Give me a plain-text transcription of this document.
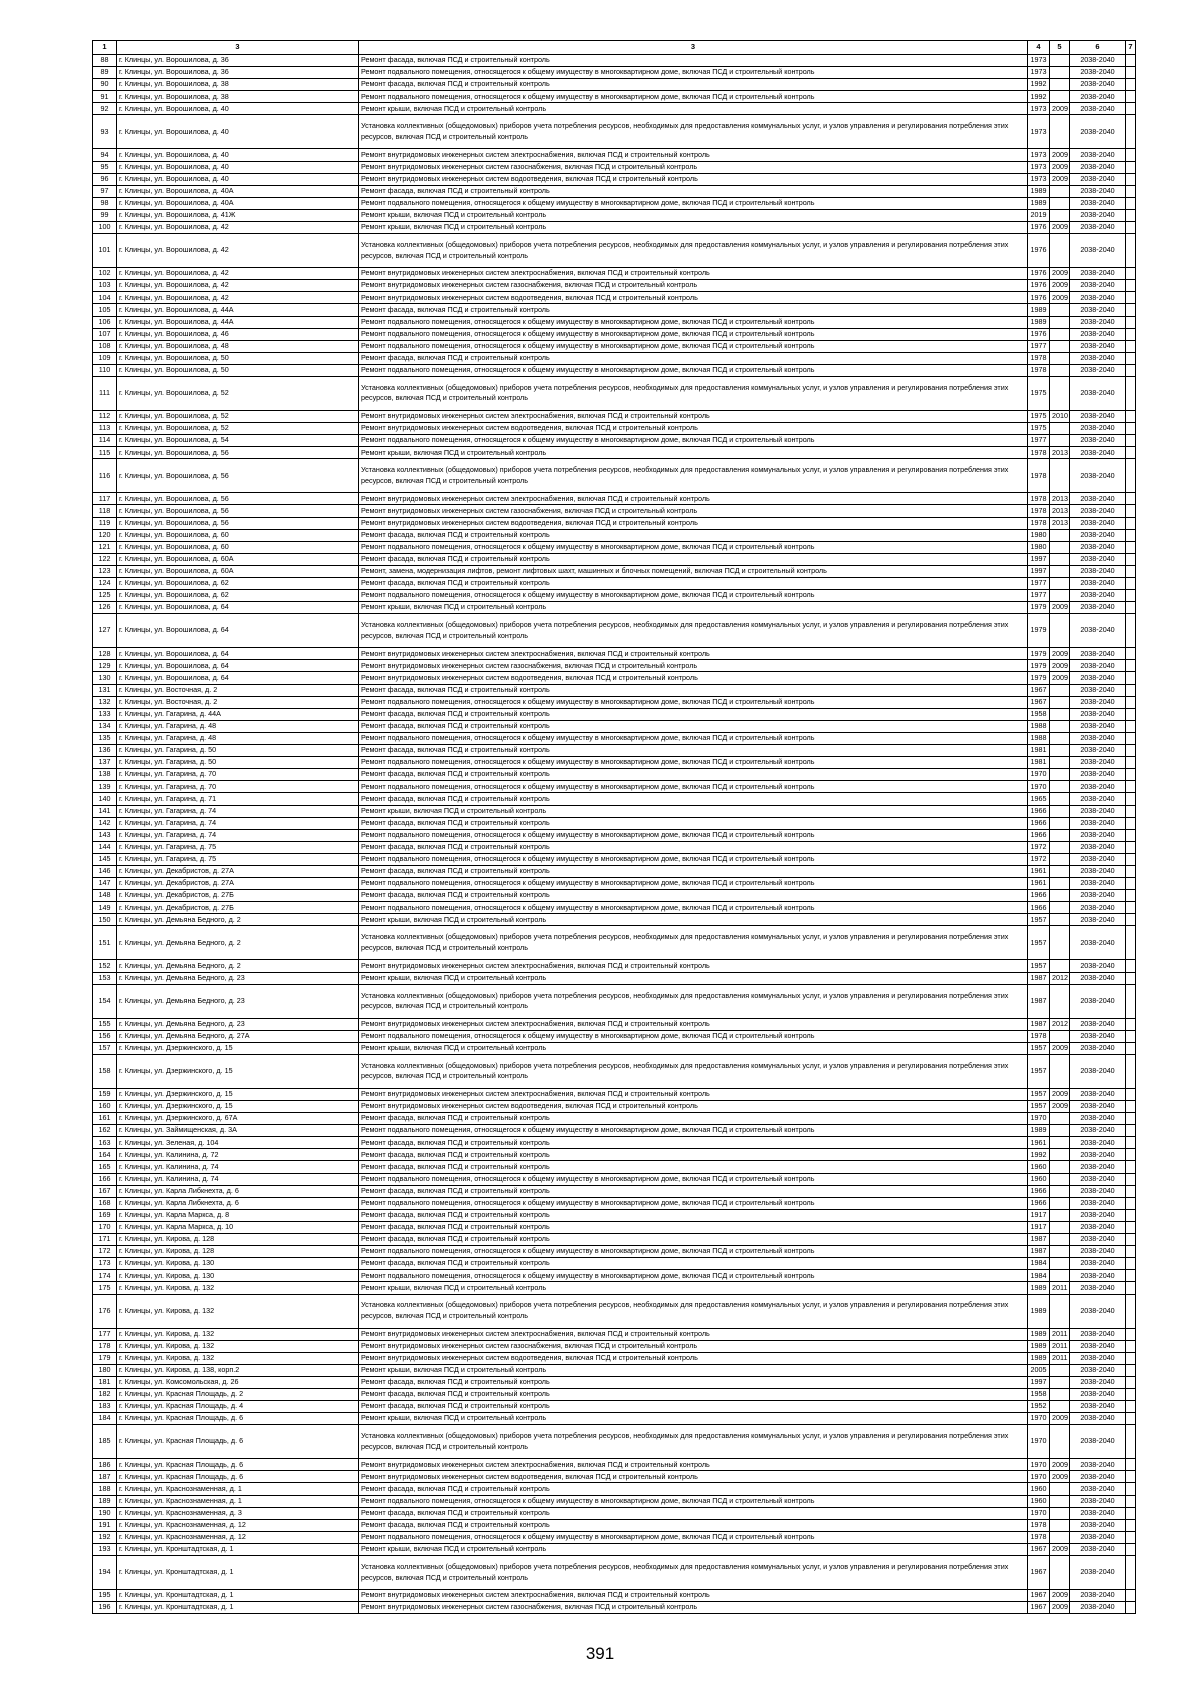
1	3	3	4	5	6	7
88	г. Клинцы, ул. Ворошилова, д. 36	Ремонт фасада, включая ПСД и строительный контроль	1973		2038-2040	
89	г. Клинцы, ул. Ворошилова, д. 36	Ремонт подвального помещения, относящегося к общему имуществу в многоквартирном доме, включая ПСД и строительный контроль	1973		2038-2040	
90	г. Клинцы, ул. Ворошилова, д. 38	Ремонт фасада, включая ПСД и строительный контроль	1992		2038-2040	
91	г. Клинцы, ул. Ворошилова, д. 38	Ремонт подвального помещения, относящегося к общему имуществу в многоквартирном доме, включая ПСД и строительный контроль	1992		2038-2040	
92	г. Клинцы, ул. Ворошилова, д. 40	Ремонт крыши, включая ПСД и строительный контроль	1973	2009	2038-2040	
93	г. Клинцы, ул. Ворошилова, д. 40	Установка коллективных (общедомовых) приборов учета потребления ресурсов, необходимых для предоставления коммунальных услуг, и узлов управления и регулирования потребления этих ресурсов, включая ПСД и строительный контроль	1973		2038-2040	
94	г. Клинцы, ул. Ворошилова, д. 40	Ремонт внутридомовых инженерных систем электроснабжения, включая ПСД и строительный контроль	1973	2009	2038-2040	
95	г. Клинцы, ул. Ворошилова, д. 40	Ремонт внутридомовых инженерных систем газоснабжения, включая ПСД и строительный контроль	1973	2009	2038-2040	
96	г. Клинцы, ул. Ворошилова, д. 40	Ремонт внутридомовых инженерных систем водоотведения, включая ПСД и строительный контроль	1973	2009	2038-2040	
97	г. Клинцы, ул. Ворошилова, д. 40А	Ремонт фасада, включая ПСД и строительный контроль	1989		2038-2040	
98	г. Клинцы, ул. Ворошилова, д. 40А	Ремонт подвального помещения, относящегося к общему имуществу в многоквартирном доме, включая ПСД и строительный контроль	1989		2038-2040	
99	г. Клинцы, ул. Ворошилова, д. 41Ж	Ремонт крыши, включая ПСД и строительный контроль	2019		2038-2040	
100	г. Клинцы, ул. Ворошилова, д. 42	Ремонт крыши, включая ПСД и строительный контроль	1976	2009	2038-2040	
101	г. Клинцы, ул. Ворошилова, д. 42	Установка коллективных (общедомовых) приборов учета потребления ресурсов, необходимых для предоставления коммунальных услуг, и узлов управления и регулирования потребления этих ресурсов, включая ПСД и строительный контроль	1976		2038-2040	
102	г. Клинцы, ул. Ворошилова, д. 42	Ремонт внутридомовых инженерных систем электроснабжения, включая ПСД и строительный контроль	1976	2009	2038-2040	
103	г. Клинцы, ул. Ворошилова, д. 42	Ремонт внутридомовых инженерных систем газоснабжения, включая ПСД и строительный контроль	1976	2009	2038-2040	
104	г. Клинцы, ул. Ворошилова, д. 42	Ремонт внутридомовых инженерных систем водоотведения, включая ПСД и строительный контроль	1976	2009	2038-2040	
105	г. Клинцы, ул. Ворошилова, д. 44А	Ремонт фасада, включая ПСД и строительный контроль	1989		2038-2040	
106	г. Клинцы, ул. Ворошилова, д. 44А	Ремонт подвального помещения, относящегося к общему имуществу в многоквартирном доме, включая ПСД и строительный контроль	1989		2038-2040	
107	г. Клинцы, ул. Ворошилова, д. 46	Ремонт подвального помещения, относящегося к общему имуществу в многоквартирном доме, включая ПСД и строительный контроль	1976		2038-2040	
108	г. Клинцы, ул. Ворошилова, д. 48	Ремонт подвального помещения, относящегося к общему имуществу в многоквартирном доме, включая ПСД и строительный контроль	1977		2038-2040	
109	г. Клинцы, ул. Ворошилова, д. 50	Ремонт фасада, включая ПСД и строительный контроль	1978		2038-2040	
110	г. Клинцы, ул. Ворошилова, д. 50	Ремонт подвального помещения, относящегося к общему имуществу в многоквартирном доме, включая ПСД и строительный контроль	1978		2038-2040	
111	г. Клинцы, ул. Ворошилова, д. 52	Установка коллективных (общедомовых) приборов учета потребления ресурсов, необходимых для предоставления коммунальных услуг, и узлов управления и регулирования потребления этих ресурсов, включая ПСД и строительный контроль	1975		2038-2040	
112	г. Клинцы, ул. Ворошилова, д. 52	Ремонт внутридомовых инженерных систем электроснабжения, включая ПСД и строительный контроль	1975	2010	2038-2040	
113	г. Клинцы, ул. Ворошилова, д. 52	Ремонт внутридомовых инженерных систем водоотведения, включая ПСД и строительный контроль	1975		2038-2040	
114	г. Клинцы, ул. Ворошилова, д. 54	Ремонт подвального помещения, относящегося к общему имуществу в многоквартирном доме, включая ПСД и строительный контроль	1977		2038-2040	
115	г. Клинцы, ул. Ворошилова, д. 56	Ремонт крыши, включая ПСД и строительный контроль	1978	2013	2038-2040	
116	г. Клинцы, ул. Ворошилова, д. 56	Установка коллективных (общедомовых) приборов учета потребления ресурсов, необходимых для предоставления коммунальных услуг, и узлов управления и регулирования потребления этих ресурсов, включая ПСД и строительный контроль	1978		2038-2040	
117	г. Клинцы, ул. Ворошилова, д. 56	Ремонт внутридомовых инженерных систем электроснабжения, включая ПСД и строительный контроль	1978	2013	2038-2040	
118	г. Клинцы, ул. Ворошилова, д. 56	Ремонт внутридомовых инженерных систем газоснабжения, включая ПСД и строительный контроль	1978	2013	2038-2040	
119	г. Клинцы, ул. Ворошилова, д. 56	Ремонт внутридомовых инженерных систем водоотведения, включая ПСД и строительный контроль	1978	2013	2038-2040	
120	г. Клинцы, ул. Ворошилова, д. 60	Ремонт фасада, включая ПСД и строительный контроль	1980		2038-2040	
121	г. Клинцы, ул. Ворошилова, д. 60	Ремонт подвального помещения, относящегося к общему имуществу в многоквартирном доме, включая ПСД и строительный контроль	1980		2038-2040	
122	г. Клинцы, ул. Ворошилова, д. 60А	Ремонт фасада, включая ПСД и строительный контроль	1997		2038-2040	
123	г. Клинцы, ул. Ворошилова, д. 60А	Ремонт, замена, модернизация лифтов, ремонт лифтовых шахт, машинных и блочных помещений, включая ПСД и строительный контроль	1997		2038-2040	
124	г. Клинцы, ул. Ворошилова, д. 62	Ремонт фасада, включая ПСД и строительный контроль	1977		2038-2040	
125	г. Клинцы, ул. Ворошилова, д. 62	Ремонт подвального помещения, относящегося к общему имуществу в многоквартирном доме, включая ПСД и строительный контроль	1977		2038-2040	
126	г. Клинцы, ул. Ворошилова, д. 64	Ремонт крыши, включая ПСД и строительный контроль	1979	2009	2038-2040	
127	г. Клинцы, ул. Ворошилова, д. 64	Установка коллективных (общедомовых) приборов учета потребления ресурсов, необходимых для предоставления коммунальных услуг, и узлов управления и регулирования потребления этих ресурсов, включая ПСД и строительный контроль	1979		2038-2040	
128	г. Клинцы, ул. Ворошилова, д. 64	Ремонт внутридомовых инженерных систем электроснабжения, включая ПСД и строительный контроль	1979	2009	2038-2040	
129	г. Клинцы, ул. Ворошилова, д. 64	Ремонт внутридомовых инженерных систем газоснабжения, включая ПСД и строительный контроль	1979	2009	2038-2040	
130	г. Клинцы, ул. Ворошилова, д. 64	Ремонт внутридомовых инженерных систем водоотведения, включая ПСД и строительный контроль	1979	2009	2038-2040	
131	г. Клинцы, ул. Восточная, д. 2	Ремонт фасада, включая ПСД и строительный контроль	1967		2038-2040	
132	г. Клинцы, ул. Восточная, д. 2	Ремонт подвального помещения, относящегося к общему имуществу в многоквартирном доме, включая ПСД и строительный контроль	1967		2038-2040	
133	г. Клинцы, ул. Гагарина, д. 44А	Ремонт фасада, включая ПСД и строительный контроль	1958		2038-2040	
134	г. Клинцы, ул. Гагарина, д. 48	Ремонт фасада, включая ПСД и строительный контроль	1988		2038-2040	
135	г. Клинцы, ул. Гагарина, д. 48	Ремонт подвального помещения, относящегося к общему имуществу в многоквартирном доме, включая ПСД и строительный контроль	1988		2038-2040	
136	г. Клинцы, ул. Гагарина, д. 50	Ремонт фасада, включая ПСД и строительный контроль	1981		2038-2040	
137	г. Клинцы, ул. Гагарина, д. 50	Ремонт подвального помещения, относящегося к общему имуществу в многоквартирном доме, включая ПСД и строительный контроль	1981		2038-2040	
138	г. Клинцы, ул. Гагарина, д. 70	Ремонт фасада, включая ПСД и строительный контроль	1970		2038-2040	
139	г. Клинцы, ул. Гагарина, д. 70	Ремонт подвального помещения, относящегося к общему имуществу в многоквартирном доме, включая ПСД и строительный контроль	1970		2038-2040	
140	г. Клинцы, ул. Гагарина, д. 71	Ремонт фасада, включая ПСД и строительный контроль	1965		2038-2040	
141	г. Клинцы, ул. Гагарина, д. 74	Ремонт крыши, включая ПСД и строительный контроль	1966		2038-2040	
142	г. Клинцы, ул. Гагарина, д. 74	Ремонт фасада, включая ПСД и строительный контроль	1966		2038-2040	
143	г. Клинцы, ул. Гагарина, д. 74	Ремонт подвального помещения, относящегося к общему имуществу в многоквартирном доме, включая ПСД и строительный контроль	1966		2038-2040	
144	г. Клинцы, ул. Гагарина, д. 75	Ремонт фасада, включая ПСД и строительный контроль	1972		2038-2040	
145	г. Клинцы, ул. Гагарина, д. 75	Ремонт подвального помещения, относящегося к общему имуществу в многоквартирном доме, включая ПСД и строительный контроль	1972		2038-2040	
146	г. Клинцы, ул. Декабристов, д. 27А	Ремонт фасада, включая ПСД и строительный контроль	1961		2038-2040	
147	г. Клинцы, ул. Декабристов, д. 27А	Ремонт подвального помещения, относящегося к общему имуществу в многоквартирном доме, включая ПСД и строительный контроль	1961		2038-2040	
148	г. Клинцы, ул. Декабристов, д. 27Б	Ремонт фасада, включая ПСД и строительный контроль	1966		2038-2040	
149	г. Клинцы, ул. Декабристов, д. 27Б	Ремонт подвального помещения, относящегося к общему имуществу в многоквартирном доме, включая ПСД и строительный контроль	1966		2038-2040	
150	г. Клинцы, ул. Демьяна Бедного, д. 2	Ремонт крыши, включая ПСД и строительный контроль	1957		2038-2040	
151	г. Клинцы, ул. Демьяна Бедного, д. 2	Установка коллективных (общедомовых) приборов учета потребления ресурсов, необходимых для предоставления коммунальных услуг, и узлов управления и регулирования потребления этих ресурсов, включая ПСД и строительный контроль	1957		2038-2040	
152	г. Клинцы, ул. Демьяна Бедного, д. 2	Ремонт внутридомовых инженерных систем электроснабжения, включая ПСД и строительный контроль	1957		2038-2040	
153	г. Клинцы, ул. Демьяна Бедного, д. 23	Ремонт крыши, включая ПСД и строительный контроль	1987	2012	2038-2040	
154	г. Клинцы, ул. Демьяна Бедного, д. 23	Установка коллективных (общедомовых) приборов учета потребления ресурсов, необходимых для предоставления коммунальных услуг, и узлов управления и регулирования потребления этих ресурсов, включая ПСД и строительный контроль	1987		2038-2040	
155	г. Клинцы, ул. Демьяна Бедного, д. 23	Ремонт внутридомовых инженерных систем электроснабжения, включая ПСД и строительный контроль	1987	2012	2038-2040	
156	г. Клинцы, ул. Демьяна Бедного, д. 27А	Ремонт подвального помещения, относящегося к общему имуществу в многоквартирном доме, включая ПСД и строительный контроль	1978		2038-2040	
157	г. Клинцы, ул. Дзержинского, д. 15	Ремонт крыши, включая ПСД и строительный контроль	1957	2009	2038-2040	
158	г. Клинцы, ул. Дзержинского, д. 15	Установка коллективных (общедомовых) приборов учета потребления ресурсов, необходимых для предоставления коммунальных услуг, и узлов управления и регулирования потребления этих ресурсов, включая ПСД и строительный контроль	1957		2038-2040	
159	г. Клинцы, ул. Дзержинского, д. 15	Ремонт внутридомовых инженерных систем электроснабжения, включая ПСД и строительный контроль	1957	2009	2038-2040	
160	г. Клинцы, ул. Дзержинского, д. 15	Ремонт внутридомовых инженерных систем водоотведения, включая ПСД и строительный контроль	1957	2009	2038-2040	
161	г. Клинцы, ул. Дзержинского, д. 67А	Ремонт фасада, включая ПСД и строительный контроль	1970		2038-2040	
162	г. Клинцы, ул. Займищенская, д. 3А	Ремонт подвального помещения, относящегося к общему имуществу в многоквартирном доме, включая ПСД и строительный контроль	1989		2038-2040	
163	г. Клинцы, ул. Зеленая, д. 104	Ремонт фасада, включая ПСД и строительный контроль	1961		2038-2040	
164	г. Клинцы, ул. Калинина, д. 72	Ремонт фасада, включая ПСД и строительный контроль	1992		2038-2040	
165	г. Клинцы, ул. Калинина, д. 74	Ремонт фасада, включая ПСД и строительный контроль	1960		2038-2040	
166	г. Клинцы, ул. Калинина, д. 74	Ремонт подвального помещения, относящегося к общему имуществу в многоквартирном доме, включая ПСД и строительный контроль	1960		2038-2040	
167	г. Клинцы, ул. Карла Либкнехта, д. 6	Ремонт фасада, включая ПСД и строительный контроль	1966		2038-2040	
168	г. Клинцы, ул. Карла Либкнехта, д. 6	Ремонт подвального помещения, относящегося к общему имуществу в многоквартирном доме, включая ПСД и строительный контроль	1966		2038-2040	
169	г. Клинцы, ул. Карла Маркса, д. 8	Ремонт фасада, включая ПСД и строительный контроль	1917		2038-2040	
170	г. Клинцы, ул. Карла Маркса, д. 10	Ремонт фасада, включая ПСД и строительный контроль	1917		2038-2040	
171	г. Клинцы, ул. Кирова, д. 128	Ремонт фасада, включая ПСД и строительный контроль	1987		2038-2040	
172	г. Клинцы, ул. Кирова, д. 128	Ремонт подвального помещения, относящегося к общему имуществу в многоквартирном доме, включая ПСД и строительный контроль	1987		2038-2040	
173	г. Клинцы, ул. Кирова, д. 130	Ремонт фасада, включая ПСД и строительный контроль	1984		2038-2040	
174	г. Клинцы, ул. Кирова, д. 130	Ремонт подвального помещения, относящегося к общему имуществу в многоквартирном доме, включая ПСД и строительный контроль	1984		2038-2040	
175	г. Клинцы, ул. Кирова, д. 132	Ремонт крыши, включая ПСД и строительный контроль	1989	2011	2038-2040	
176	г. Клинцы, ул. Кирова, д. 132	Установка коллективных (общедомовых) приборов учета потребления ресурсов, необходимых для предоставления коммунальных услуг, и узлов управления и регулирования потребления этих ресурсов, включая ПСД и строительный контроль	1989		2038-2040	
177	г. Клинцы, ул. Кирова, д. 132	Ремонт внутридомовых инженерных систем электроснабжения, включая ПСД и строительный контроль	1989	2011	2038-2040	
178	г. Клинцы, ул. Кирова, д. 132	Ремонт внутридомовых инженерных систем газоснабжения, включая ПСД и строительный контроль	1989	2011	2038-2040	
179	г. Клинцы, ул. Кирова, д. 132	Ремонт внутридомовых инженерных систем водоотведения, включая ПСД и строительный контроль	1989	2011	2038-2040	
180	г. Клинцы, ул. Кирова, д. 138, корп.2	Ремонт крыши, включая ПСД и строительный контроль	2005		2038-2040	
181	г. Клинцы, ул. Комсомольская, д. 26	Ремонт фасада, включая ПСД и строительный контроль	1997		2038-2040	
182	г. Клинцы, ул. Красная Площадь, д. 2	Ремонт фасада, включая ПСД и строительный контроль	1958		2038-2040	
183	г. Клинцы, ул. Красная Площадь, д. 4	Ремонт фасада, включая ПСД и строительный контроль	1952		2038-2040	
184	г. Клинцы, ул. Красная Площадь, д. 6	Ремонт крыши, включая ПСД и строительный контроль	1970	2009	2038-2040	
185	г. Клинцы, ул. Красная Площадь, д. 6	Установка коллективных (общедомовых) приборов учета потребления ресурсов, необходимых для предоставления коммунальных услуг, и узлов управления и регулирования потребления этих ресурсов, включая ПСД и строительный контроль	1970		2038-2040	
186	г. Клинцы, ул. Красная Площадь, д. 6	Ремонт внутридомовых инженерных систем электроснабжения, включая ПСД и строительный контроль	1970	2009	2038-2040	
187	г. Клинцы, ул. Красная Площадь, д. 6	Ремонт внутридомовых инженерных систем водоотведения, включая ПСД и строительный контроль	1970	2009	2038-2040	
188	г. Клинцы, ул. Краснознаменная, д. 1	Ремонт фасада, включая ПСД и строительный контроль	1960		2038-2040	
189	г. Клинцы, ул. Краснознаменная, д. 1	Ремонт подвального помещения, относящегося к общему имуществу в многоквартирном доме, включая ПСД и строительный контроль	1960		2038-2040	
190	г. Клинцы, ул. Краснознаменная, д. 3	Ремонт фасада, включая ПСД и строительный контроль	1970		2038-2040	
191	г. Клинцы, ул. Краснознаменная, д. 12	Ремонт фасада, включая ПСД и строительный контроль	1978		2038-2040	
192	г. Клинцы, ул. Краснознаменная, д. 12	Ремонт подвального помещения, относящегося к общему имуществу в многоквартирном доме, включая ПСД и строительный контроль	1978		2038-2040	
193	г. Клинцы, ул. Кронштадтская, д. 1	Ремонт крыши, включая ПСД и строительный контроль	1967	2009	2038-2040	
194	г. Клинцы, ул. Кронштадтская, д. 1	Установка коллективных (общедомовых) приборов учета потребления ресурсов, необходимых для предоставления коммунальных услуг, и узлов управления и регулирования потребления этих ресурсов, включая ПСД и строительный контроль	1967		2038-2040	
195	г. Клинцы, ул. Кронштадтская, д. 1	Ремонт внутридомовых инженерных систем электроснабжения, включая ПСД и строительный контроль	1967	2009	2038-2040	
196	г. Клинцы, ул. Кронштадтская, д. 1	Ремонт внутридомовых инженерных систем газоснабжения, включая ПСД и строительный контроль	1967	2009	2038-2040	
391
